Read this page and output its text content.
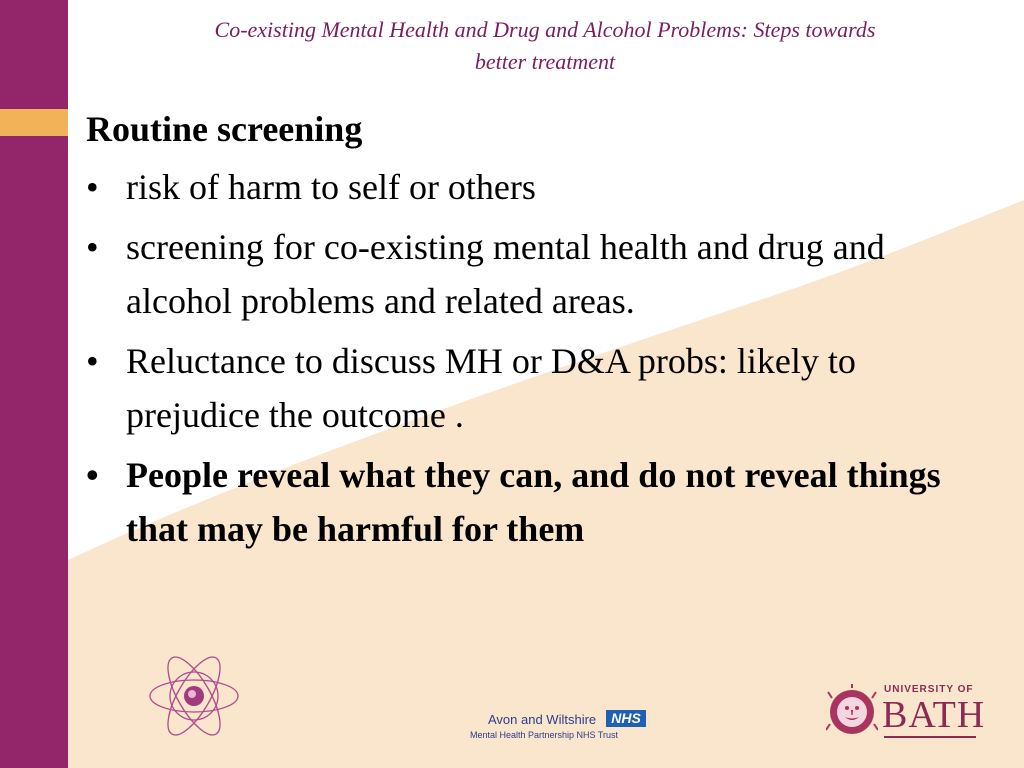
Co-existing Mental Health and Drug and Alcohol Problems: Steps towards
better treatment
Routine screening
• risk of harm to self or others
• screening for co-existing mental health and drug and alcohol problems and related areas.
• Reluctance to discuss MH or D&A probs: likely to prejudice the outcome .
• People reveal what they can, and do not reveal things that may be harmful for them
Avon and Wiltshire	NHS
Mental Health Partnership NHS Trust
UNIVERSITY OF
BATH
